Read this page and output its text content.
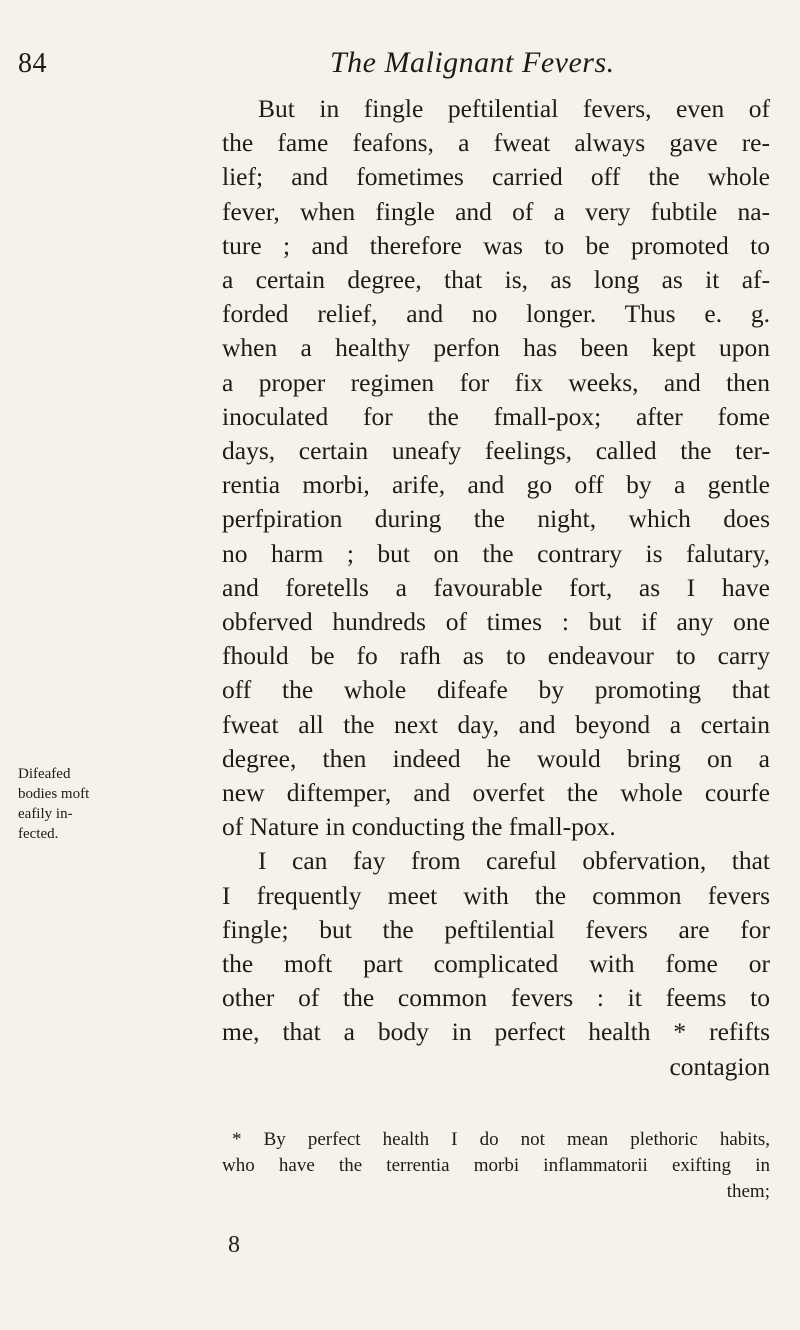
84	The Malignant Fevers.
But in fingle peftilential fevers, even of
the fame feafons, a fweat always gave re-
lief; and fometimes carried off the whole
fever, when fingle and of a very fubtile na-
ture ; and therefore was to be promoted to
a certain degree, that is, as long as it af-
forded relief, and no longer. Thus e. g.
when a healthy perfon has been kept upon
a proper regimen for fix weeks, and then
inoculated for the fmall-pox; after fome
days, certain uneafy feelings, called the ter-
rentia morbi, arife, and go off by a gentle
perfpiration during the night, which does
no harm ; but on the contrary is falutary,
and foretells a favourable fort, as I have
obferved hundreds of times : but if any one
fhould be fo rafh as to endeavour to carry
off the whole difeafe by promoting that
fweat all the next day, and beyond a certain
degree, then indeed he would bring on a
new diftemper, and overfet the whole courfe
of Nature in conducting the fmall-pox.
I can fay from careful obfervation, that
I frequently meet with the common fevers
fingle; but the peftilential fevers are for
the moft part complicated with fome or
other of the common fevers : it feems to
me, that a body in perfect health * refifts
contagion
Difeafed
bodies moft
eafily in-
fected.
* By perfect health I do not mean plethoric habits,
who have the terrentia morbi inflammatorii exifting in
them;
8
